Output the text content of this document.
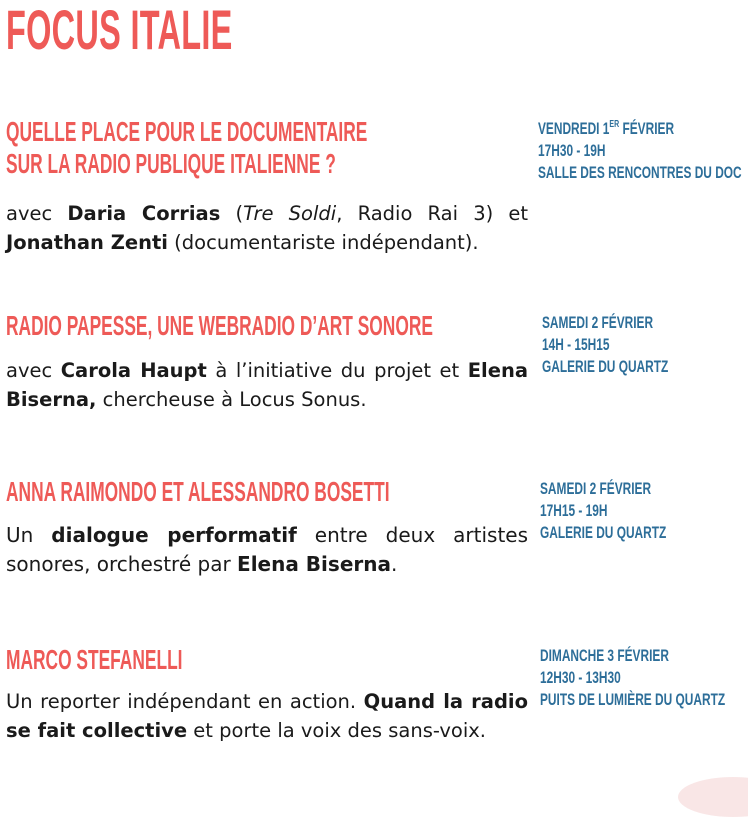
FOCUS ITALIE
QUELLE PLACE POUR LE DOCUMENTAIRE
SUR LA RADIO PUBLIQUE ITALIENNE ?
VENDREDI 1ER FÉVRIER
17H30 - 19H
SALLE DES RENCONTRES DU DOC
avec Daria Corrias (Tre Soldi, Radio Rai 3) et Jonathan Zenti (documentariste indépendant).
RADIO PAPESSE, UNE WEBRADIO D’ART SONORE	SAMEDI 2 FÉVRIER
14H - 15H15
GALERIE DU QUARTZ
avec Carola Haupt à l’initiative du projet et Elena Biserna, chercheuse à Locus Sonus.
ANNA RAIMONDO ET ALESSANDRO BOSETTI	SAMEDI 2 FÉVRIER
17H15 - 19H
GALERIE DU QUARTZ
Un dialogue performatif entre deux artistes sonores, orchestré par Elena Biserna.
MARCO STEFANELLI	DIMANCHE 3 FÉVRIER
12H30 - 13H30
PUITS DE LUMIÈRE DU QUARTZ
Un reporter indépendant en action. Quand la radio se fait collective et porte la voix des sans-voix.
